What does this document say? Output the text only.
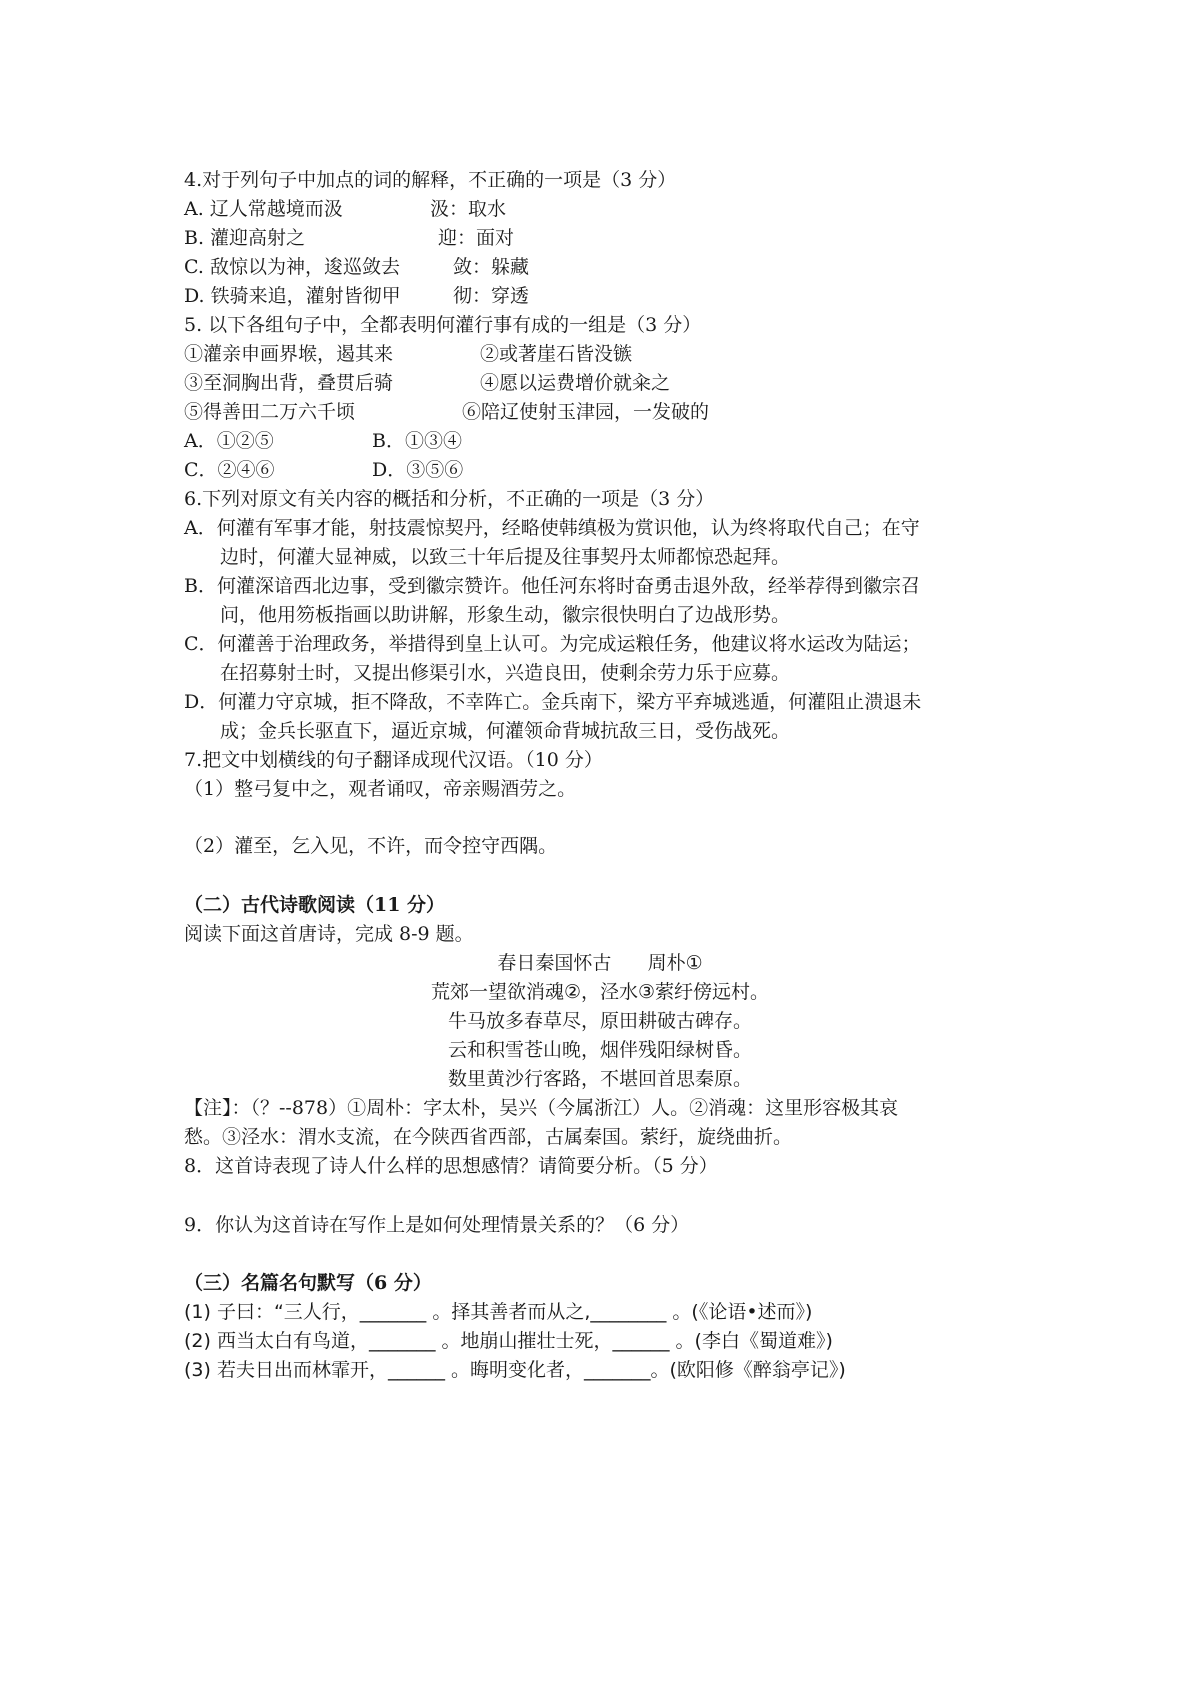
4.对于列句子中加点的词的解释，不正确的一项是（3 分）
A. 辽人常越境而汲	汲：取水
B. 灌迎高射之	迎：面对
C. 敌惊以为神，逡巡敛去	敛：躲藏
D. 铁骑来追，灌射皆彻甲	彻：穿透
5. 以下各组句子中，全都表明何灌行事有成的一组是（3 分）
①灌亲申画界堠，遏其来	②或著崖石皆没镞
③至洞胸出背，叠贯后骑	④愿以运费增价就籴之
⑤得善田二万六千顷	⑥陪辽使射玉津园，一发破的
A．①②⑤	B．①③④
C．②④⑥	D．③⑤⑥
6.下列对原文有关内容的概括和分析，不正确的一项是（3 分）
A．何灌有军事才能，射技震惊契丹，经略使韩缜极为赏识他，认为终将取代自己；在守
边时，何灌大显神威，以致三十年后提及往事契丹太师都惊恐起拜。
B．何灌深谙西北边事，受到徽宗赞许。他任河东将时奋勇击退外敌，经举荐得到徽宗召
问，他用笏板指画以助讲解，形象生动，徽宗很快明白了边战形势。
C．何灌善于治理政务，举措得到皇上认可。为完成运粮任务，他建议将水运改为陆运；
在招募射士时，又提出修渠引水，兴造良田，使剩余劳力乐于应募。
D．何灌力守京城，拒不降敌，不幸阵亡。金兵南下，梁方平弃城逃遁，何灌阻止溃退未
成；金兵长驱直下，逼近京城，何灌领命背城抗敌三日，受伤战死。
7.把文中划横线的句子翻译成现代汉语。（10 分）
（1）整弓复中之，观者诵叹，帝亲赐酒劳之。
（2）灌至，乞入见，不许，而令控守西隅。
（二）古代诗歌阅读（11 分）
阅读下面这首唐诗，完成 8-9 题。
春日秦国怀古      周朴①
荒郊一望欲消魂②，泾水③萦纡傍远村。
牛马放多春草尽，原田耕破古碑存。
云和积雪苍山晚，烟伴残阳绿树昏。
数里黄沙行客路，不堪回首思秦原。
【注】：（？--878）①周朴：字太朴，吴兴（今属浙江）人。②消魂：这里形容极其哀
愁。③泾水：渭水支流，在今陕西省西部，古属秦国。萦纡，旋绕曲折。
8．这首诗表现了诗人什么样的思想感情？请简要分析。（5 分）
9．你认为这首诗在写作上是如何处理情景关系的？（6 分）
（三）名篇名句默写（6 分）
(1) 子曰：“三人行，_______ 。择其善者而从之,________ 。(《论语•述而》)
(2) 西当太白有鸟道，_______ 。地崩山摧壮士死，______ 。(李白《蜀道难》)
(3) 若夫日出而林霏开，______ 。晦明变化者，_______。(欧阳修《醉翁亭记》)
